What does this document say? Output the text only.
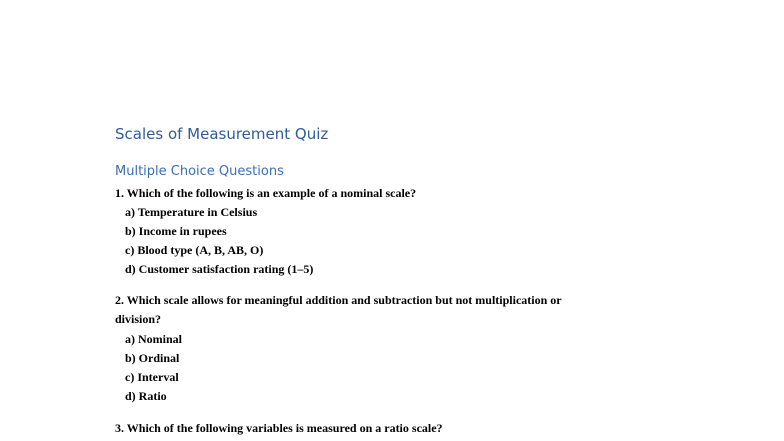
Scales of Measurement Quiz
Multiple Choice Questions
1. Which of the following is an example of a nominal scale?
a) Temperature in Celsius
b) Income in rupees
c) Blood type (A, B, AB, O)
d) Customer satisfaction rating (1–5)
2. Which scale allows for meaningful addition and subtraction but not multiplication or
division?
a) Nominal
b) Ordinal
c) Interval
d) Ratio
3. Which of the following variables is measured on a ratio scale?
